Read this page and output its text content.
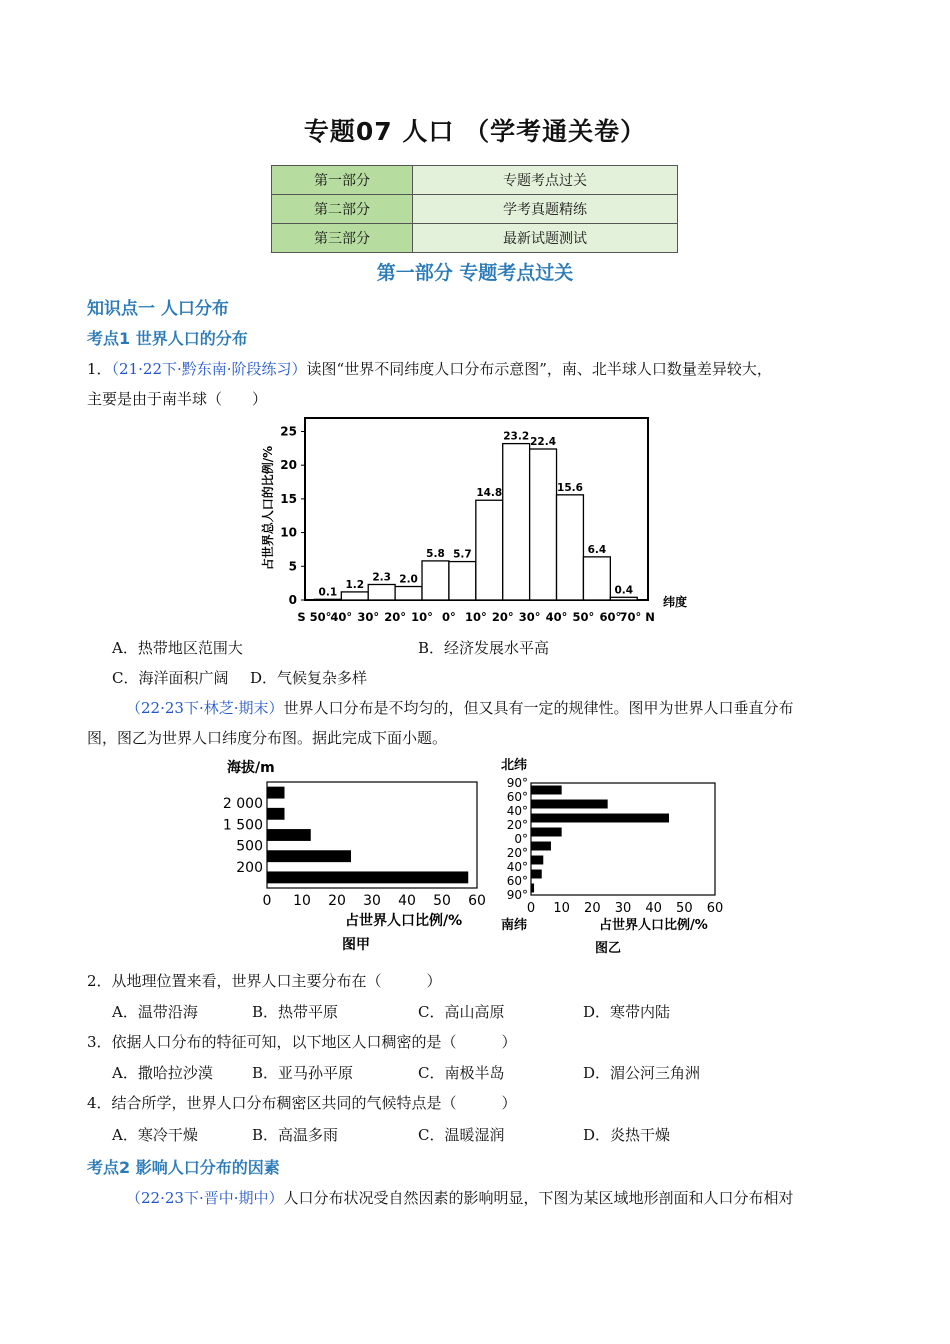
专题07 人口 （学考通关卷）
第一部分	专题考点过关
第二部分	学考真题精练
第三部分	最新试题测试
第一部分 专题考点过关
知识点一 人口分布
考点1 世界人口的分布
1．（21·22下·黔东南·阶段练习）读图“世界不同纬度人口分布示意图”，南、北半球人口数量差异较大，
主要是由于南半球（　　）
0
5
10
15
20
25
0.1
1.2
2.3 2.0
5.8 5.7
14.8
23.2 22.4
15.6
6.4
0.4
S 50°
40° 30° 20° 10° 0° 10° 20° 30° 40° 50° 60°
70° N
纬度
占世界总人口的比例/%
A．热带地区范围大	B．经济发展水平高
C．海洋面积广阔 D．气候复杂多样
（22·23下·林芝·期末）世界人口分布是不均匀的，但又具有一定的规律性。图甲为世界人口垂直分布
图，图乙为世界人口纬度分布图。据此完成下面小题。
2 000
1 500
500
200
0 10 20 30 40 50 60
海拔/m
占世界人口比例/%
图甲
90°
60°
40°
20°
0°
20°
40°
60°
90°
0 10 20 30 40 50 60
北纬
南纬	占世界人口比例/%
图乙
2．从地理位置来看，世界人口主要分布在（　　　）
A．温带沿海	B．热带平原	C．高山高原	D．寒带内陆
3．依据人口分布的特征可知，以下地区人口稠密的是（　　　）
A．撒哈拉沙漠	B．亚马孙平原	C．南极半岛	D．湄公河三角洲
4．结合所学，世界人口分布稠密区共同的气候特点是（　　　）
A．寒冷干燥	B．高温多雨	C．温暖湿润	D．炎热干燥
考点2 影响人口分布的因素
（22·23下·晋中·期中）人口分布状况受自然因素的影响明显，下图为某区域地形剖面和人口分布相对
